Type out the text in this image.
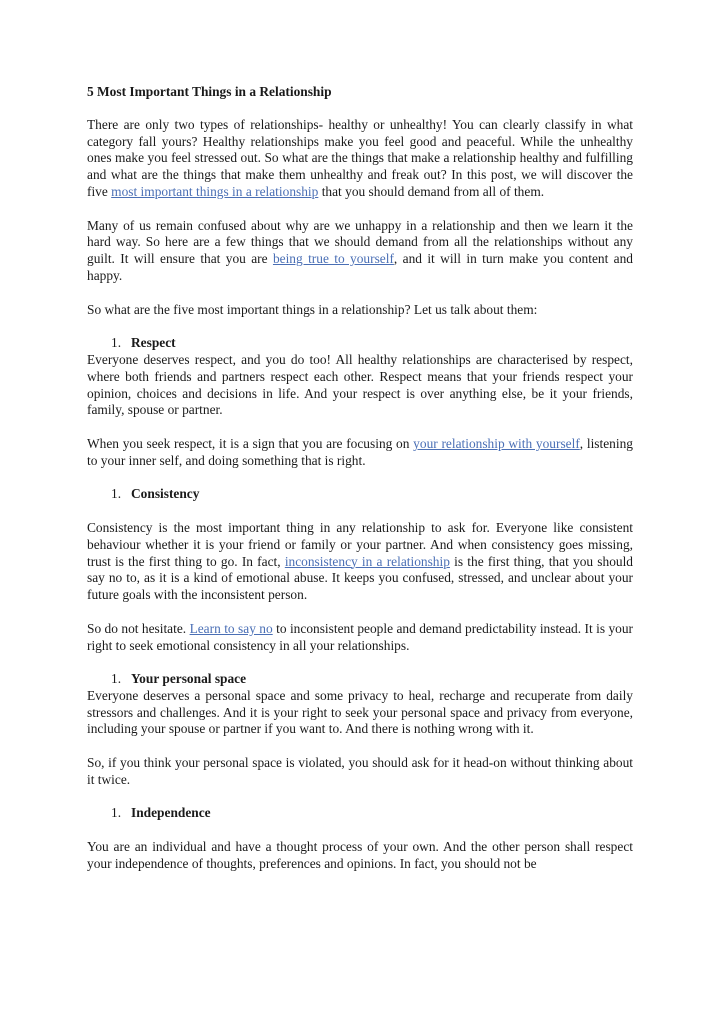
5 Most Important Things in a Relationship

There are only two types of relationships- healthy or unhealthy! You can clearly classify in what category fall yours? Healthy relationships make you feel good and peaceful. While the unhealthy ones make you feel stressed out. So what are the things that make a relationship healthy and fulfilling and what are the things that make them unhealthy and freak out? In this post, we will discover the five most important things in a relationship that you should demand from all of them.

Many of us remain confused about why are we unhappy in a relationship and then we learn it the hard way. So here are a few things that we should demand from all the relationships without any guilt. It will ensure that you are being true to yourself, and it will in turn make you content and happy.

So what are the five most important things in a relationship? Let us talk about them:

1. Respect

Everyone deserves respect, and you do too! All healthy relationships are characterised by respect, where both friends and partners respect each other. Respect means that your friends respect your opinion, choices and decisions in life. And your respect is over anything else, be it your friends, family, spouse or partner.

When you seek respect, it is a sign that you are focusing on your relationship with yourself, listening to your inner self, and doing something that is right.

1. Consistency

Consistency is the most important thing in any relationship to ask for. Everyone like consistent behaviour whether it is your friend or family or your partner. And when consistency goes missing, trust is the first thing to go. In fact, inconsistency in a relationship is the first thing, that you should say no to, as it is a kind of emotional abuse. It keeps you confused, stressed, and unclear about your future goals with the inconsistent person.

So do not hesitate. Learn to say no to inconsistent people and demand predictability instead. It is your right to seek emotional consistency in all your relationships.

1. Your personal space

Everyone deserves a personal space and some privacy to heal, recharge and recuperate from daily stressors and challenges. And it is your right to seek your personal space and privacy from everyone, including your spouse or partner if you want to. And there is nothing wrong with it.

So, if you think your personal space is violated, you should ask for it head-on without thinking about it twice.

1. Independence

You are an individual and have a thought process of your own. And the other person shall respect your independence of thoughts, preferences and opinions. In fact, you should not be
